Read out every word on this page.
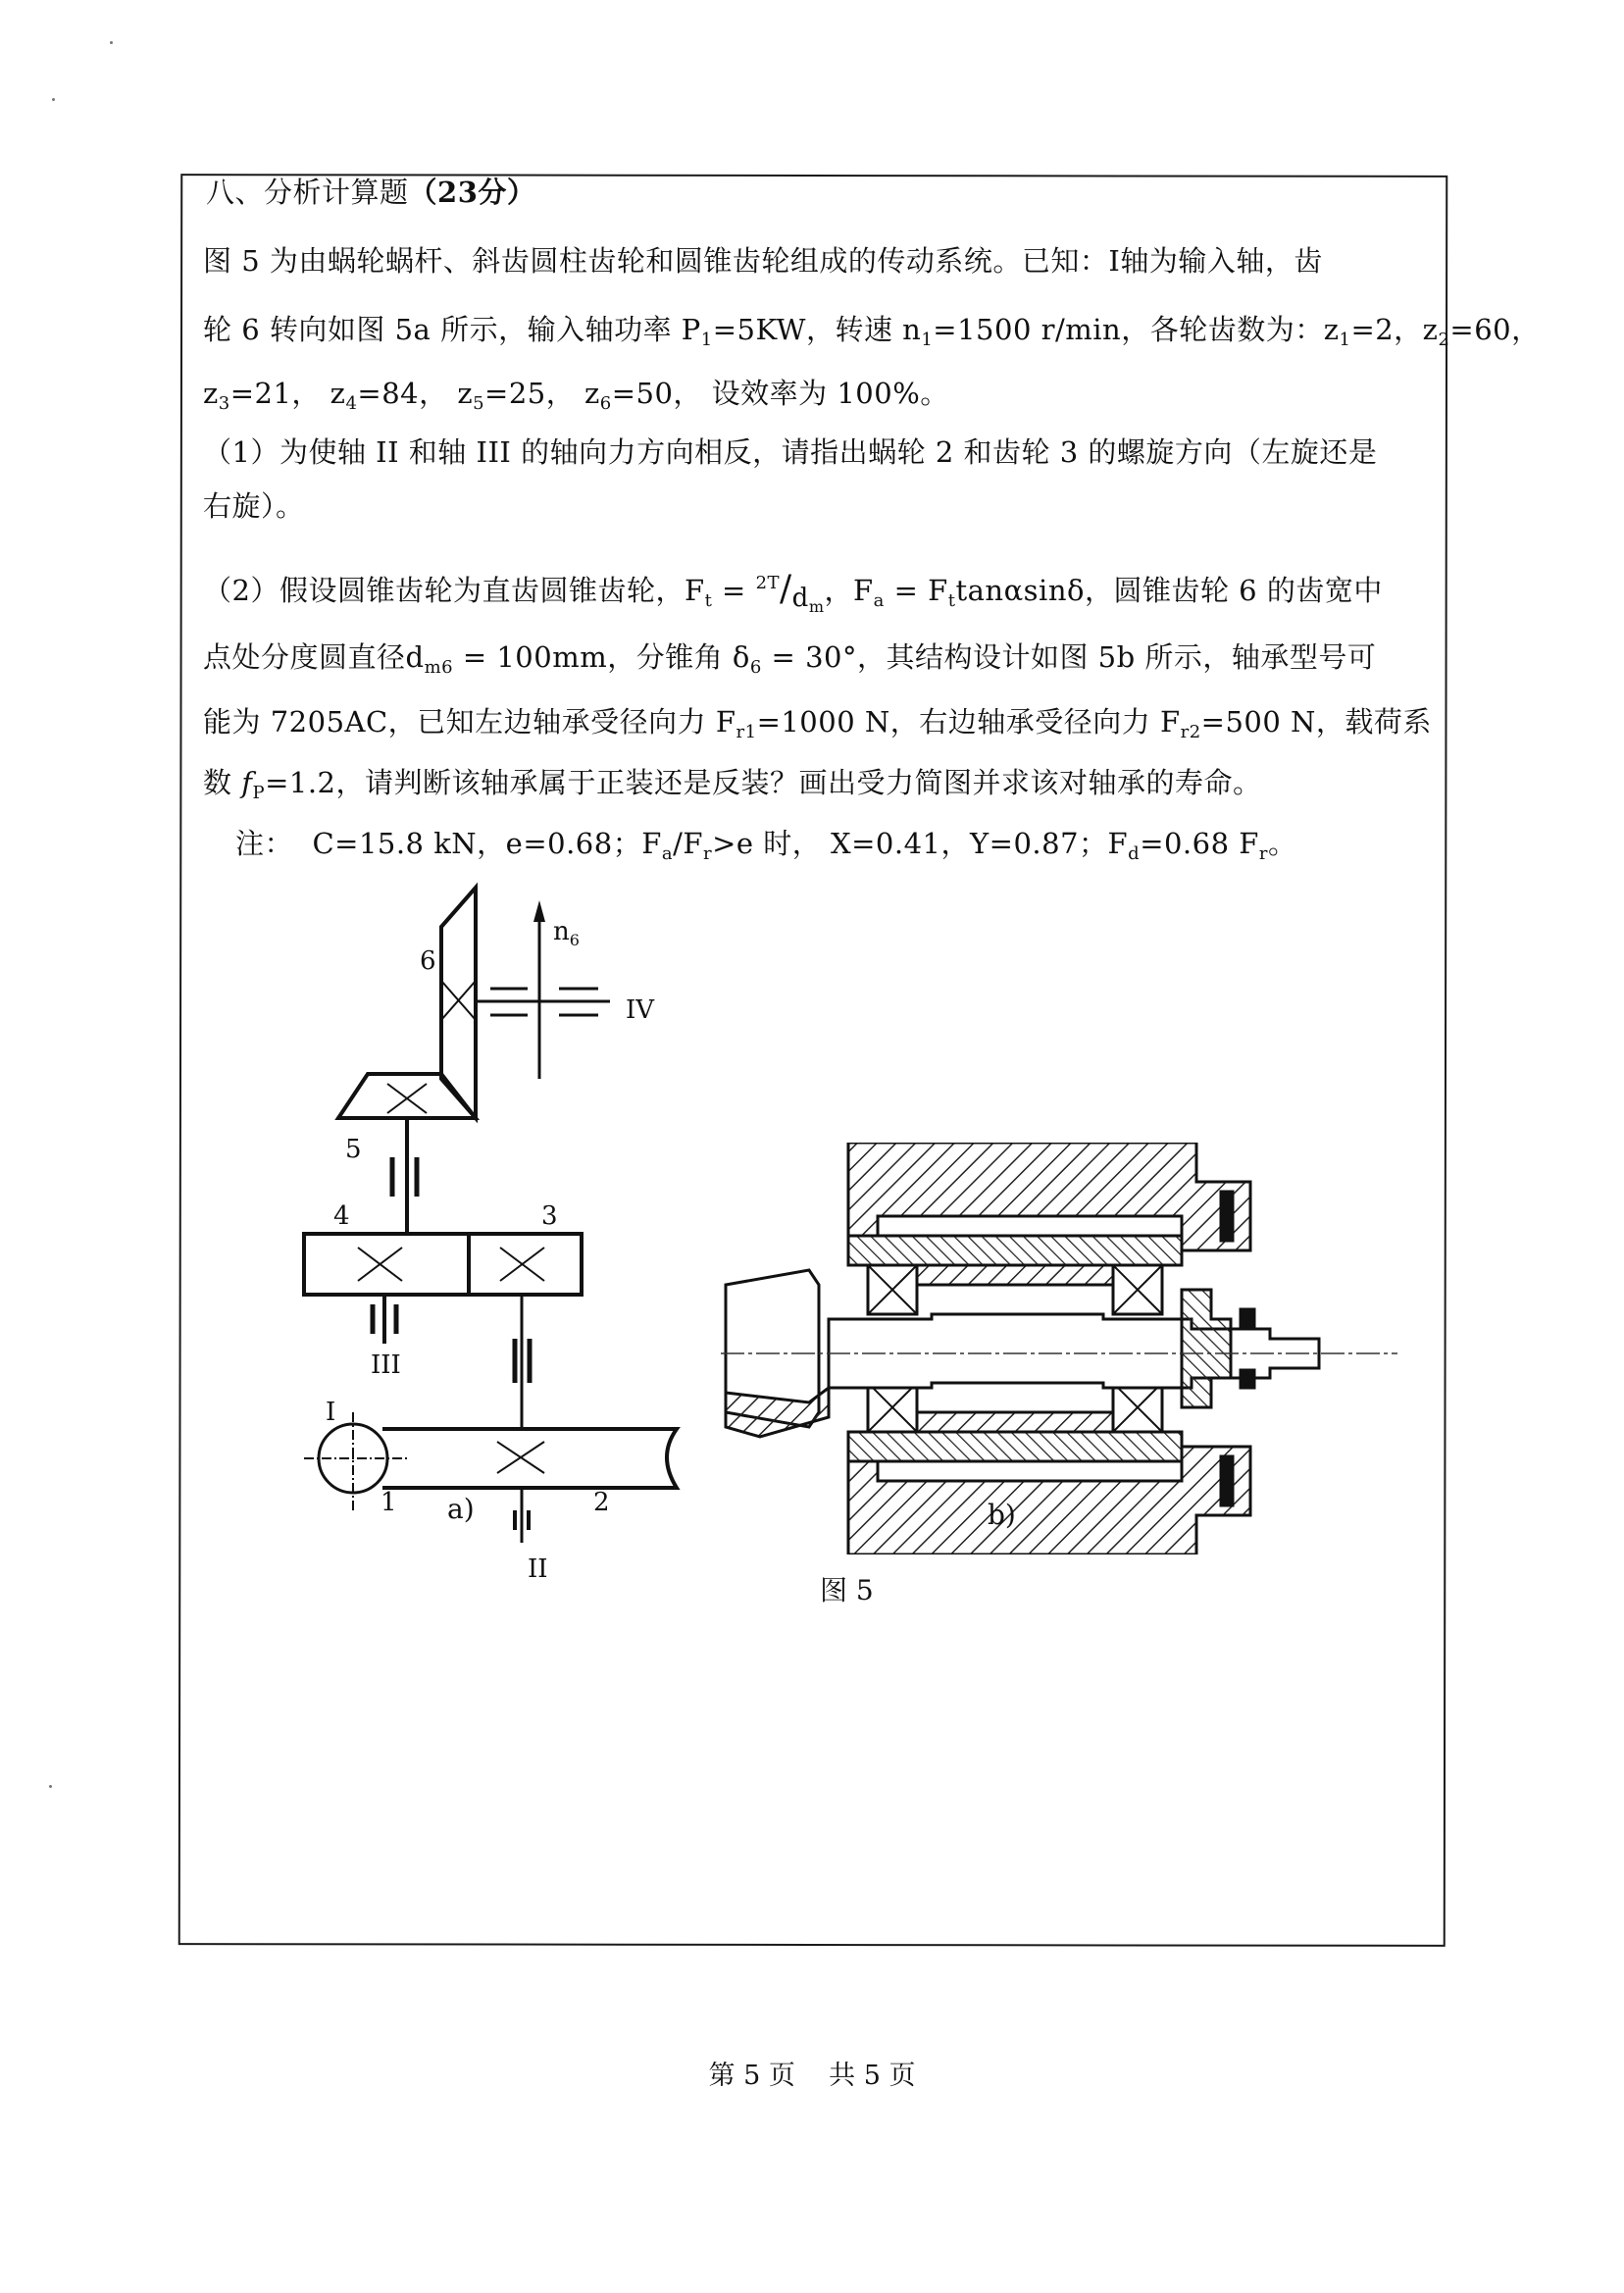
八、分析计算题（23分）
图 5 为由蜗轮蜗杆、斜齿圆柱齿轮和圆锥齿轮组成的传动系统。已知：Ⅰ轴为输入轴，齿
轮 6 转向如图 5a 所示，输入轴功率 $P_1=5KW$，转速 $n_1=1500$ r/min，各轮齿数为：$z_1=2$，$z_2=60$，
$z_3=21$， $z_4=84$， $z_5=25$， $z_6=50$， 设效率为 100%。
（1）为使轴 II 和轴 III 的轴向力方向相反，请指出蜗轮 2 和齿轮 3 的螺旋方向（左旋还是
右旋）。
（2）假设圆锥齿轮为直齿圆锥齿轮，$F_t = ^{2T}/d_m$，$F_a = F_t\tan\alpha\sin\delta$，圆锥齿轮 6 的齿宽中
点处分度圆直径$d_{m6} = 100mm$，分锥角 $\delta_6 = 30^\circ$，其结构设计如图 5b 所示，轴承型号可
能为 7205AC，已知左边轴承受径向力 $F_{r1}=1000$ N，右边轴承受径向力 $F_{r2}=500$ N，载荷系
数 $f_P=1.2$，请判断该轴承属于正装还是反装？画出受力简图并求该对轴承的寿命。
注： C=15.8 kN，e=0.68；$F_a/F_r>e$ 时， X=0.41，Y=0.87；$F_d=0.68$ $F_r$。
6
$n_6$
IV
5
4	3
III
I
1	2
II
a)	b)
图 5
第 5 页 共 5 页
